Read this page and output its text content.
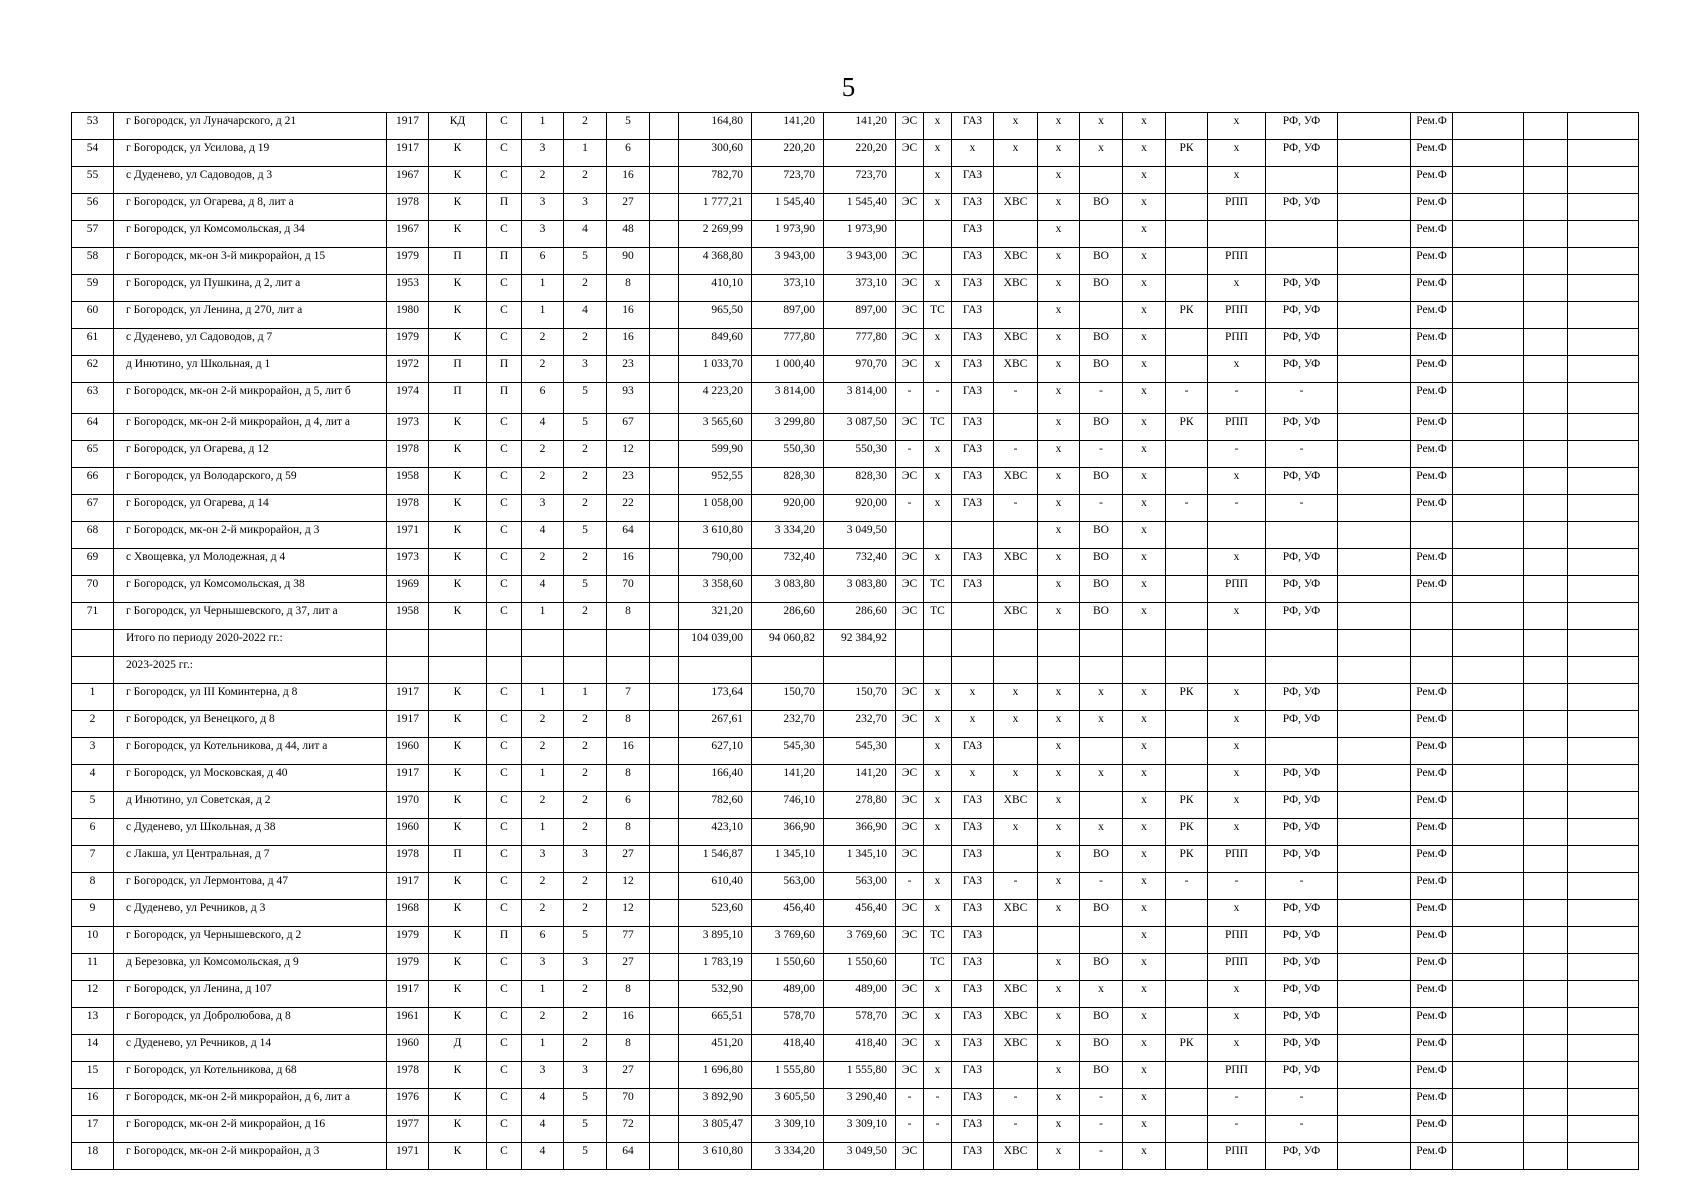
5
53	г Богородск, ул Луначарского, д 21	1917	КД	С	1	2	5		164,80	141,20	141,20	ЭС	x	ГАЗ	x	x	x	x		x	РФ, УФ		Рем.Ф			
54	г Богородск, ул Усилова, д 19	1917	К	С	3	1	6		300,60	220,20	220,20	ЭС	x	x	x	x	x	x	РК	x	РФ, УФ		Рем.Ф			
55	с Дуденево, ул Садоводов, д 3	1967	К	С	2	2	16		782,70	723,70	723,70		x	ГАЗ		x		x		x			Рем.Ф			
56	г Богородск, ул Огарева, д 8, лит а	1978	К	П	3	3	27		1 777,21	1 545,40	1 545,40	ЭС	x	ГАЗ	ХВС	x	ВО	x		РПП	РФ, УФ		Рем.Ф			
57	г Богородск, ул Комсомольская, д 34	1967	К	С	3	4	48		2 269,99	1 973,90	1 973,90			ГАЗ		x		x					Рем.Ф			
58	г Богородск, мк-он 3-й микрорайон, д 15	1979	П	П	6	5	90		4 368,80	3 943,00	3 943,00	ЭС		ГАЗ	ХВС	x	ВО	x		РПП			Рем.Ф			
59	г Богородск, ул Пушкина, д 2, лит а	1953	К	С	1	2	8		410,10	373,10	373,10	ЭС	x	ГАЗ	ХВС	x	ВО	x		x	РФ, УФ		Рем.Ф			
60	г Богородск, ул Ленина, д 270, лит а	1980	К	С	1	4	16		965,50	897,00	897,00	ЭС	ТС	ГАЗ		x		x	РК	РПП	РФ, УФ		Рем.Ф			
61	с Дуденево, ул Садоводов, д 7	1979	К	С	2	2	16		849,60	777,80	777,80	ЭС	x	ГАЗ	ХВС	x	ВО	x		РПП	РФ, УФ		Рем.Ф			
62	д Инютино, ул Школьная, д 1	1972	П	П	2	3	23		1 033,70	1 000,40	970,70	ЭС	x	ГАЗ	ХВС	x	ВО	x		x	РФ, УФ		Рем.Ф			
63	г Богородск, мк-он 2-й микрорайон, д 5, лит б	1974	П	П	6	5	93		4 223,20	3 814,00	3 814,00	-	-	ГАЗ	-	x	-	x	-	-	-		Рем.Ф			
64	г Богородск, мк-он 2-й микрорайон, д 4, лит а	1973	К	С	4	5	67		3 565,60	3 299,80	3 087,50	ЭС	ТС	ГАЗ		x	ВО	x	РК	РПП	РФ, УФ		Рем.Ф			
65	г Богородск, ул Огарева, д 12	1978	К	С	2	2	12		599,90	550,30	550,30	-	x	ГАЗ	-	x	-	x		-	-		Рем.Ф			
66	г Богородск, ул Володарского, д 59	1958	К	С	2	2	23		952,55	828,30	828,30	ЭС	x	ГАЗ	ХВС	x	ВО	x		x	РФ, УФ		Рем.Ф			
67	г Богородск, ул Огарева, д 14	1978	К	С	3	2	22		1 058,00	920,00	920,00	-	x	ГАЗ	-	x	-	x	-	-	-		Рем.Ф			
68	г Богородск, мк-он 2-й микрорайон, д 3	1971	К	С	4	5	64		3 610,80	3 334,20	3 049,50					x	ВО	x								
69	с Хвощевка, ул Молодежная, д 4	1973	К	С	2	2	16		790,00	732,40	732,40	ЭС	x	ГАЗ	ХВС	x	ВО	x		x	РФ, УФ		Рем.Ф			
70	г Богородск, ул Комсомольская, д 38	1969	К	С	4	5	70		3 358,60	3 083,80	3 083,80	ЭС	ТС	ГАЗ		x	ВО	x		РПП	РФ, УФ		Рем.Ф			
71	г Богородск, ул Чернышевского, д 37, лит а	1958	К	С	1	2	8		321,20	286,60	286,60	ЭС	ТС		ХВС	x	ВО	x		x	РФ, УФ					
	Итого по периоду 2020-2022 гг.:								104 039,00	94 060,82	92 384,92															
	2023-2025 гг.:																									
1	г Богородск, ул III Коминтерна, д 8	1917	К	С	1	1	7		173,64	150,70	150,70	ЭС	x	x	x	x	x	x	РК	x	РФ, УФ		Рем.Ф			
2	г Богородск, ул Венецкого, д 8	1917	К	С	2	2	8		267,61	232,70	232,70	ЭС	x	x	x	x	x	x		x	РФ, УФ		Рем.Ф			
3	г Богородск, ул Котельникова, д 44, лит а	1960	К	С	2	2	16		627,10	545,30	545,30		x	ГАЗ		x		x		x			Рем.Ф			
4	г Богородск, ул Московская, д 40	1917	К	С	1	2	8		166,40	141,20	141,20	ЭС	x	x	x	x	x	x		x	РФ, УФ		Рем.Ф			
5	д Инютино, ул Советская, д 2	1970	К	С	2	2	6		782,60	746,10	278,80	ЭС	x	ГАЗ	ХВС	x		x	РК	x	РФ, УФ		Рем.Ф			
6	с Дуденево, ул Школьная, д 38	1960	К	С	1	2	8		423,10	366,90	366,90	ЭС	x	ГАЗ	x	x	x	x	РК	x	РФ, УФ		Рем.Ф			
7	с Лакша, ул Центральная, д 7	1978	П	С	3	3	27		1 546,87	1 345,10	1 345,10	ЭС		ГАЗ		x	ВО	x	РК	РПП	РФ, УФ		Рем.Ф			
8	г Богородск, ул Лермонтова, д 47	1917	К	С	2	2	12		610,40	563,00	563,00	-	x	ГАЗ	-	x	-	x	-	-	-		Рем.Ф			
9	с Дуденево, ул Речников, д 3	1968	К	С	2	2	12		523,60	456,40	456,40	ЭС	x	ГАЗ	ХВС	x	ВО	x		x	РФ, УФ		Рем.Ф			
10	г Богородск, ул Чернышевского, д 2	1979	К	П	6	5	77		3 895,10	3 769,60	3 769,60	ЭС	ТС	ГАЗ				x		РПП	РФ, УФ		Рем.Ф			
11	д Березовка, ул Комсомольская, д 9	1979	К	С	3	3	27		1 783,19	1 550,60	1 550,60		ТС	ГАЗ		x	ВО	x		РПП	РФ, УФ		Рем.Ф			
12	г Богородск, ул Ленина, д 107	1917	К	С	1	2	8		532,90	489,00	489,00	ЭС	x	ГАЗ	ХВС	x	x	x		x	РФ, УФ		Рем.Ф			
13	г Богородск, ул Добролюбова, д 8	1961	К	С	2	2	16		665,51	578,70	578,70	ЭС	x	ГАЗ	ХВС	x	ВО	x		x	РФ, УФ		Рем.Ф			
14	с Дуденево, ул Речников, д 14	1960	Д	С	1	2	8		451,20	418,40	418,40	ЭС	x	ГАЗ	ХВС	x	ВО	x	РК	x	РФ, УФ		Рем.Ф			
15	г Богородск, ул Котельникова, д 68	1978	К	С	3	3	27		1 696,80	1 555,80	1 555,80	ЭС	x	ГАЗ		x	ВО	x		РПП	РФ, УФ		Рем.Ф			
16	г Богородск, мк-он 2-й микрорайон, д 6, лит а	1976	К	С	4	5	70		3 892,90	3 605,50	3 290,40	-	-	ГАЗ	-	x	-	x		-	-		Рем.Ф			
17	г Богородск, мк-он 2-й микрорайон, д 16	1977	К	С	4	5	72		3 805,47	3 309,10	3 309,10	-	-	ГАЗ	-	x	-	x		-	-		Рем.Ф			
18	г Богородск, мк-он 2-й микрорайон, д 3	1971	К	С	4	5	64		3 610,80	3 334,20	3 049,50	ЭС		ГАЗ	ХВС	x	-	x		РПП	РФ, УФ		Рем.Ф			
